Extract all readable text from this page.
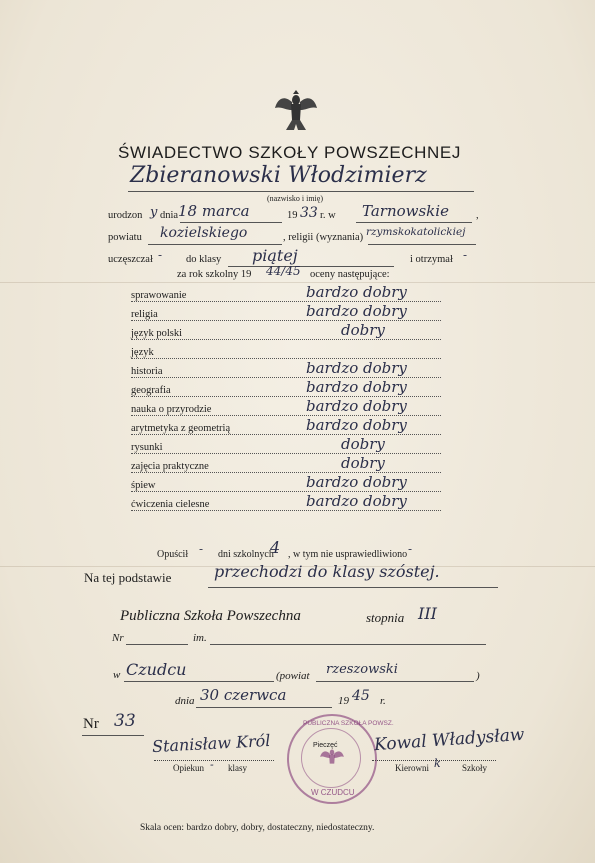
ŚWIADECTWO SZKOŁY POWSZECHNEJ
Zbieranowski Włodzimierz
(nazwisko i imię)
urodzon y dnia 18 marca	19 33 r. w Tarnowskie	,
powiatu kozielskiego	, religii (wyznania) rzymskokatolickiej
uczęszczał - do klasy piątej	i otrzymał -
za rok szkolny 19 44/45 oceny następujące:
sprawowanie	bardzo dobry
religia	bardzo dobry
język polski	dobry
język
historia	bardzo dobry
geografia	bardzo dobry
nauka o przyrodzie	bardzo dobry
arytmetyka z geometrią	bardzo dobry
rysunki	dobry
zajęcia praktyczne	dobry
śpiew	bardzo dobry
ćwiczenia cielesne	bardzo dobry
Opuścił - dni szkolnych
4 , w tym nie usprawiedliwiono -
Na tej podstawie	przechodzi do klasy szóstej.
Publiczna Szkoła Powszechna	stopnia III
Nr	im.
w Czudcu	(powiat rzeszowski	)
dnia 30 czerwca	19 45 r.
Nr 33	PUBLICZNA SZKOŁA POWSZ.
W CZUDCU
Pieczęć
Stanisław Król
Opiekun - klasy
Kowal Władysław
Kierowni k Szkoły
Skala ocen: bardzo dobry, dobry, dostateczny, niedostateczny.
